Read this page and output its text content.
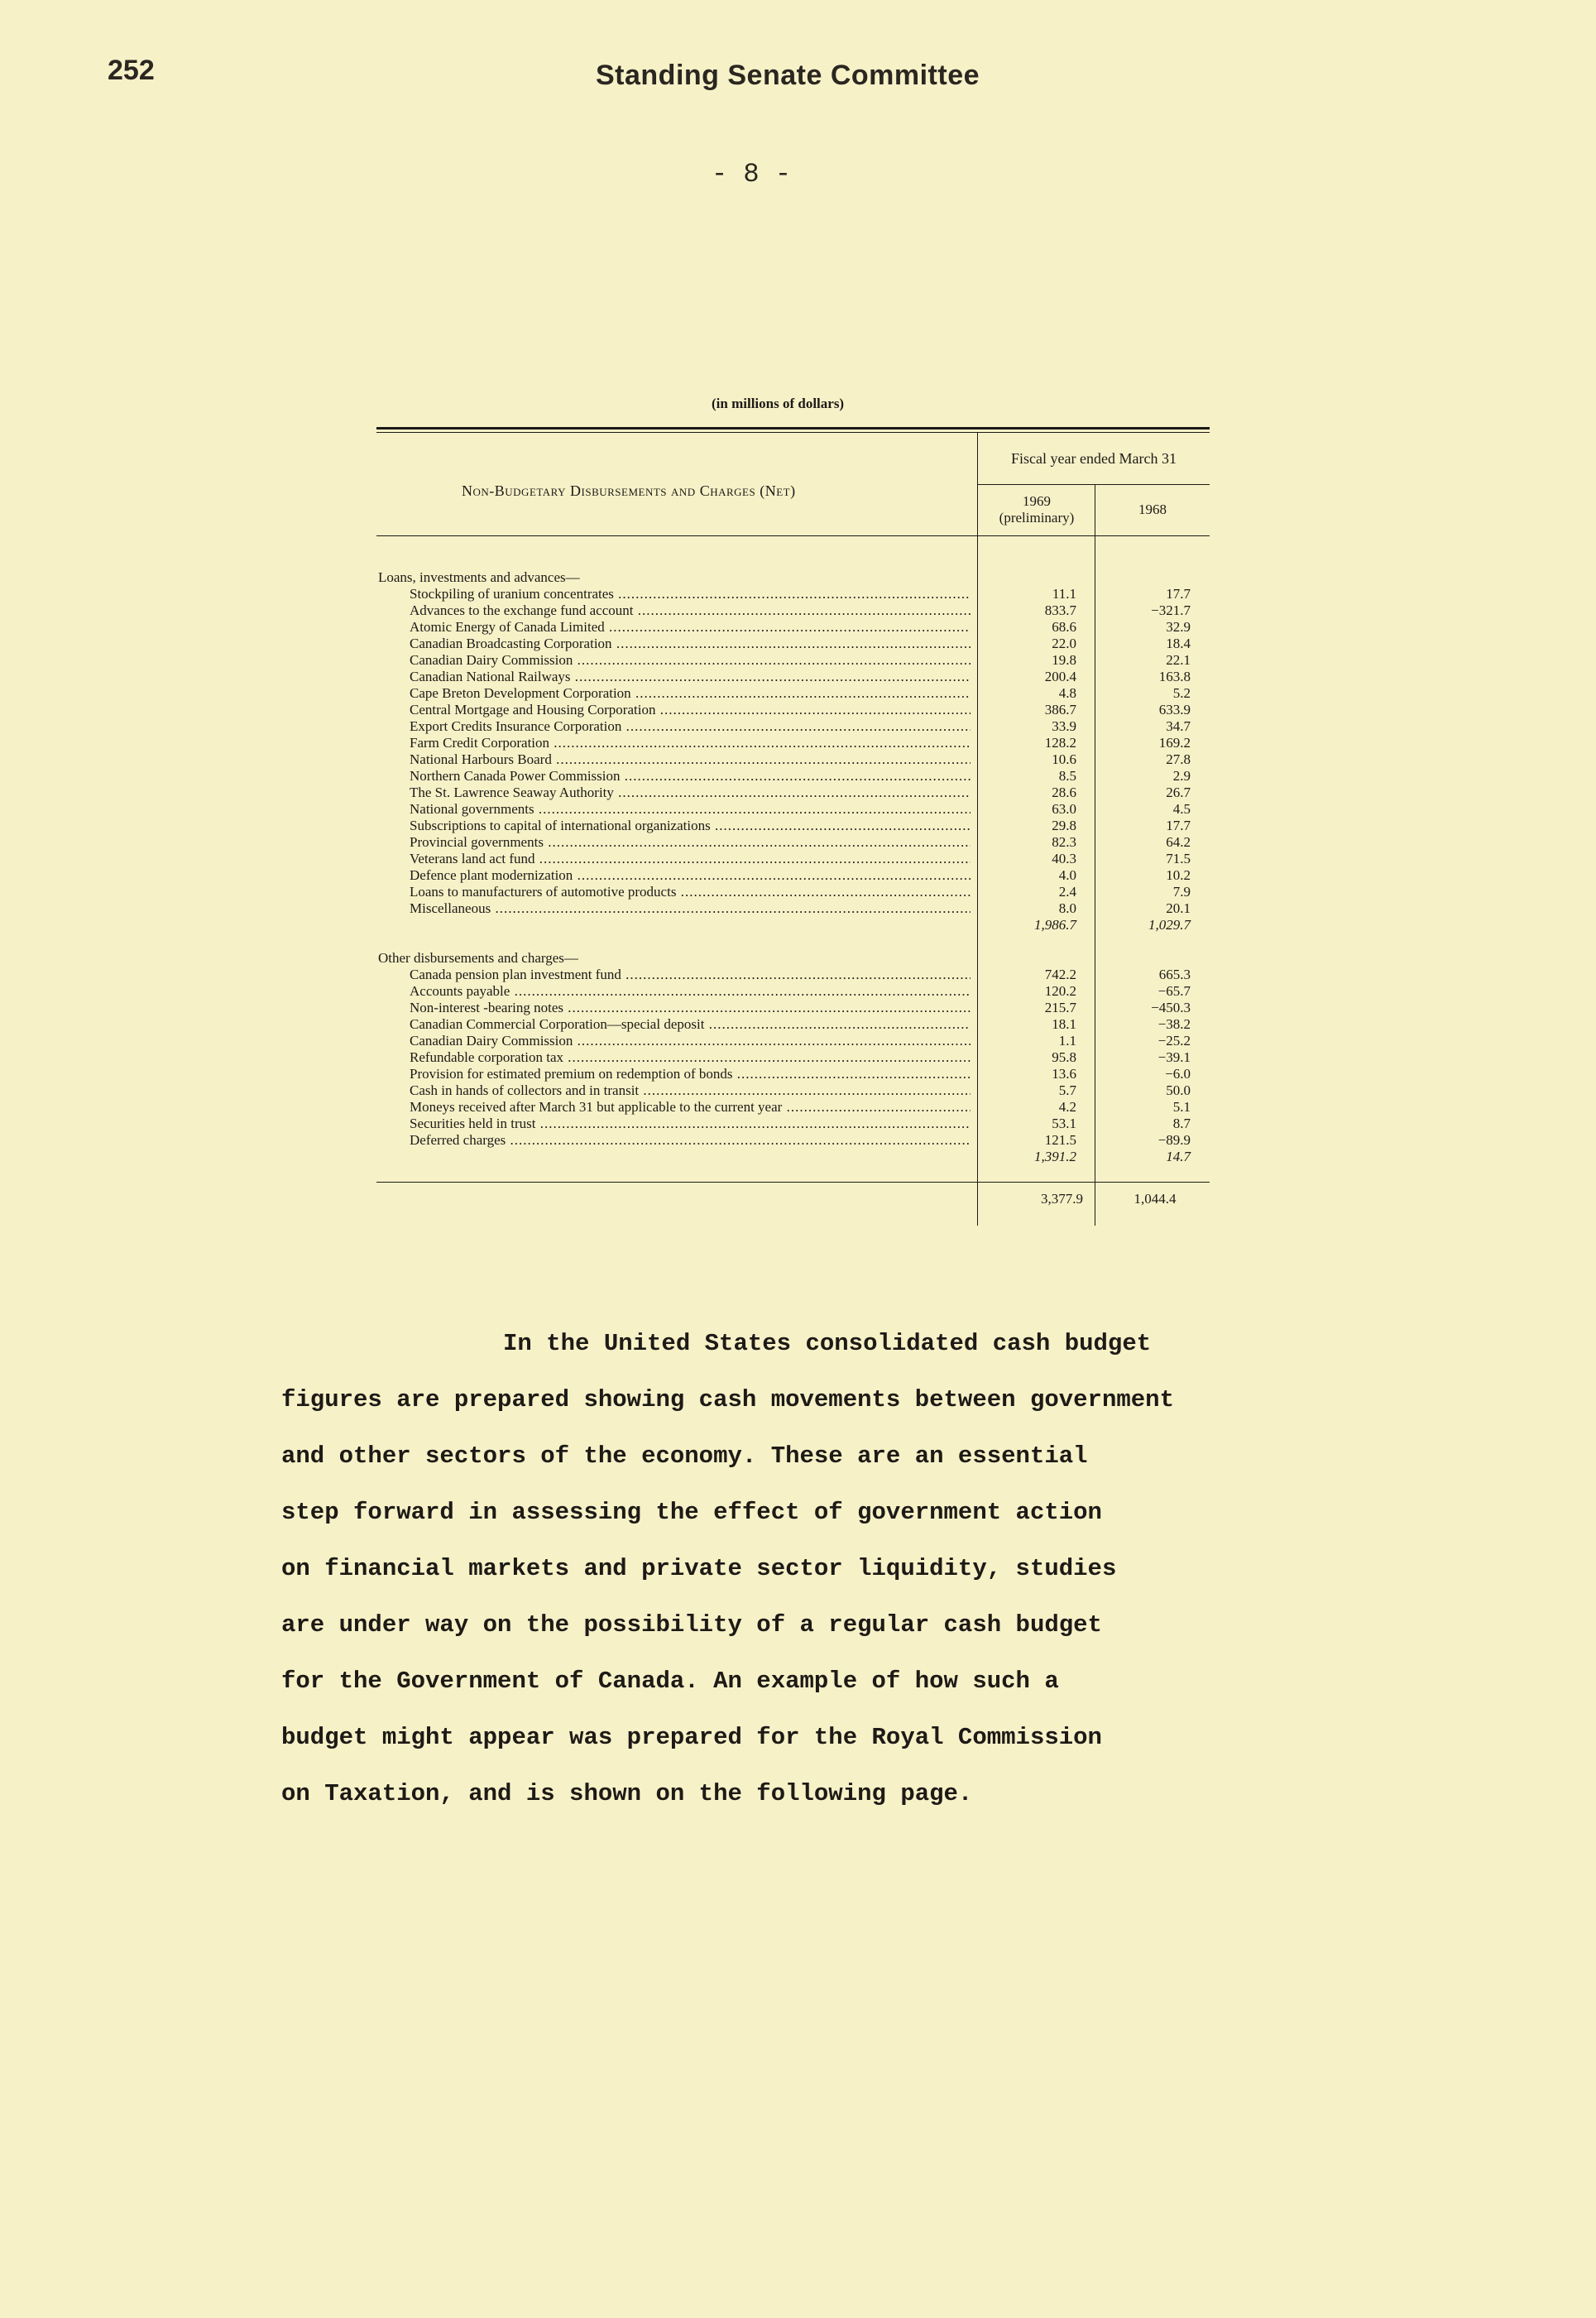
252	Standing Senate Committee
- 8 -
(in millions of dollars)
Non-Budgetary Disbursements and Charges (Net)
Fiscal year ended March 31
1969
(preliminary)
1968
Loans, investments and advances—
Stockpiling of uranium concentrates .....	11.1	17.7
Advances to the exchange fund account .....	833.7	−321.7
Atomic Energy of Canada Limited .....	68.6	32.9
Canadian Broadcasting Corporation .....	22.0	18.4
Canadian Dairy Commission .....	19.8	22.1
Canadian National Railways .....	200.4	163.8
Cape Breton Development Corporation .....	4.8	5.2
Central Mortgage and Housing Corporation .....	386.7	633.9
Export Credits Insurance Corporation .....	33.9	34.7
Farm Credit Corporation .....	128.2	169.2
National Harbours Board .....	10.6	27.8
Northern Canada Power Commission .....	8.5	2.9
The St. Lawrence Seaway Authority .....	28.6	26.7
National governments .....	63.0	4.5
Subscriptions to capital of international organizations .....	29.8	17.7
Provincial governments .....	82.3	64.2
Veterans land act fund .....	40.3	71.5
Defence plant modernization .....	4.0	10.2
Loans to manufacturers of automotive products .....	2.4	7.9
Miscellaneous .....	8.0	20.1
1,986.7	1,029.7
Other disbursements and charges—
Canada pension plan investment fund .....	742.2	665.3
Accounts payable .....	120.2	−65.7
Non-interest -bearing notes .....	215.7	−450.3
Canadian Commercial Corporation—special deposit .....	18.1	−38.2
Canadian Dairy Commission .....	1.1	−25.2
Refundable corporation tax .....	95.8	−39.1
Provision for estimated premium on redemption of bonds .....	13.6	−6.0
Cash in hands of collectors and in transit .....	5.7	50.0
Moneys received after March 31 but applicable to the current year .....	4.2	5.1
Securities held in trust .....	53.1	8.7
Deferred charges .....	121.5	−89.9
1,391.2	14.7
3,377.9	1,044.4
In the United States consolidated cash budget
figures are prepared showing cash movements between government
and other sectors of the economy. These are an essential
step forward in assessing the effect of government action
on financial markets and private sector liquidity, studies
are under way on the possibility of a regular cash budget
for the Government of Canada. An example of how such a
budget might appear was prepared for the Royal Commission
on Taxation, and is shown on the following page.
